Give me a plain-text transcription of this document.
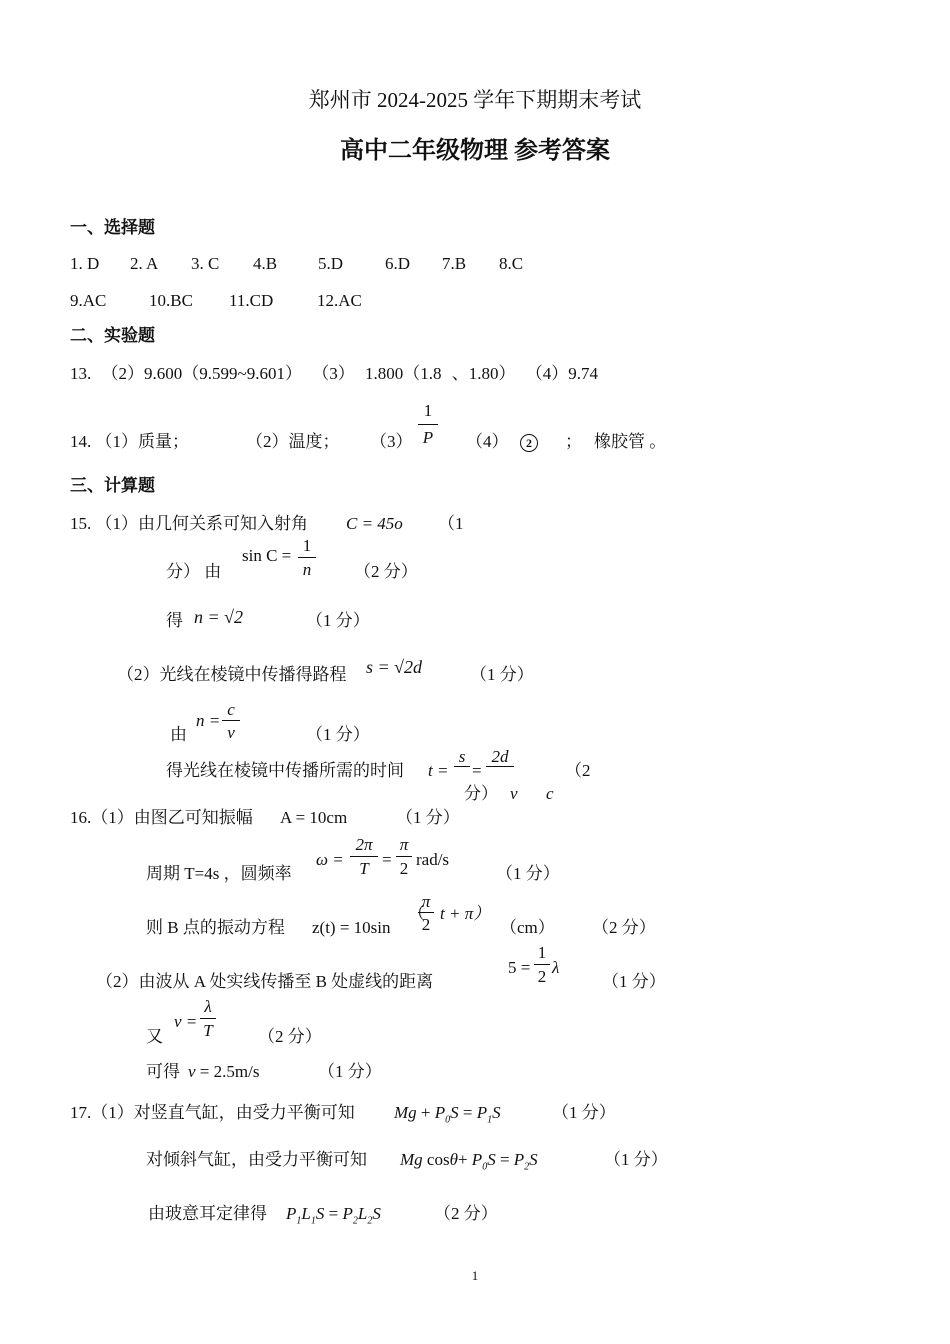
郑州市 2024-2025 学年下期期末考试
高中二年级物理 参考答案
一、选择题
1. D 2. A 3. C 4.B 5.D 6.D 7.B 8.C
9.AC	10.BC 11.CD	12.AC
二、实验题
13. （2）9.600（9.599~9.601） （3） 1.800（1.8 、1.80） （4）9.74
14. （1）质量；	（2）温度； $(3) \frac{1}{P} (4)$	2	； 橡胶管 。
三、计算题
15. （1）由几何关系可知入射角 C = 45o （1
分） 由
$\sin C = \frac{1}{n} (2$ 分）
得 n = √2	（1 分）
（2）光线在棱镜中传播得路程 s = √2d	（1 分）
由
$n = \frac{c}{v}$	（1 分）
得光线在棱镜中传播所需的时间 t =
s
=
2d
（2
分） v c
16.（1）由图乙可知振幅 A = 10cm	（1 分）
周期 T=4s ，圆频率
$\omega = \frac{2\pi}{T} = \frac{\pi}{2} rad/s$
（1 分）
则 B 点的振动方程 z(t) = 10sin
（
$\frac{\pi}{2}$ t + π）
（cm） （2 分）
（2）由波从 A 处实线传播至 B 处虚线的距离
$5 = \frac{1}{2}$ λ
（1 分）
又
$v = \frac{\lambda}{T} (2$ 分）
可得 v = 2.5m/s	（1 分）
17.（1）对竖直气缸，由受力平衡可知 $Mg + P_0S = P_1S$	（1 分）
对倾斜气缸，由受力平衡可知 Mg $\cos\theta+ P_0S = P_2S$	（1 分）
由玻意耳定律得 $P_1L_1S = P_2L_2S$	（2 分）
1
